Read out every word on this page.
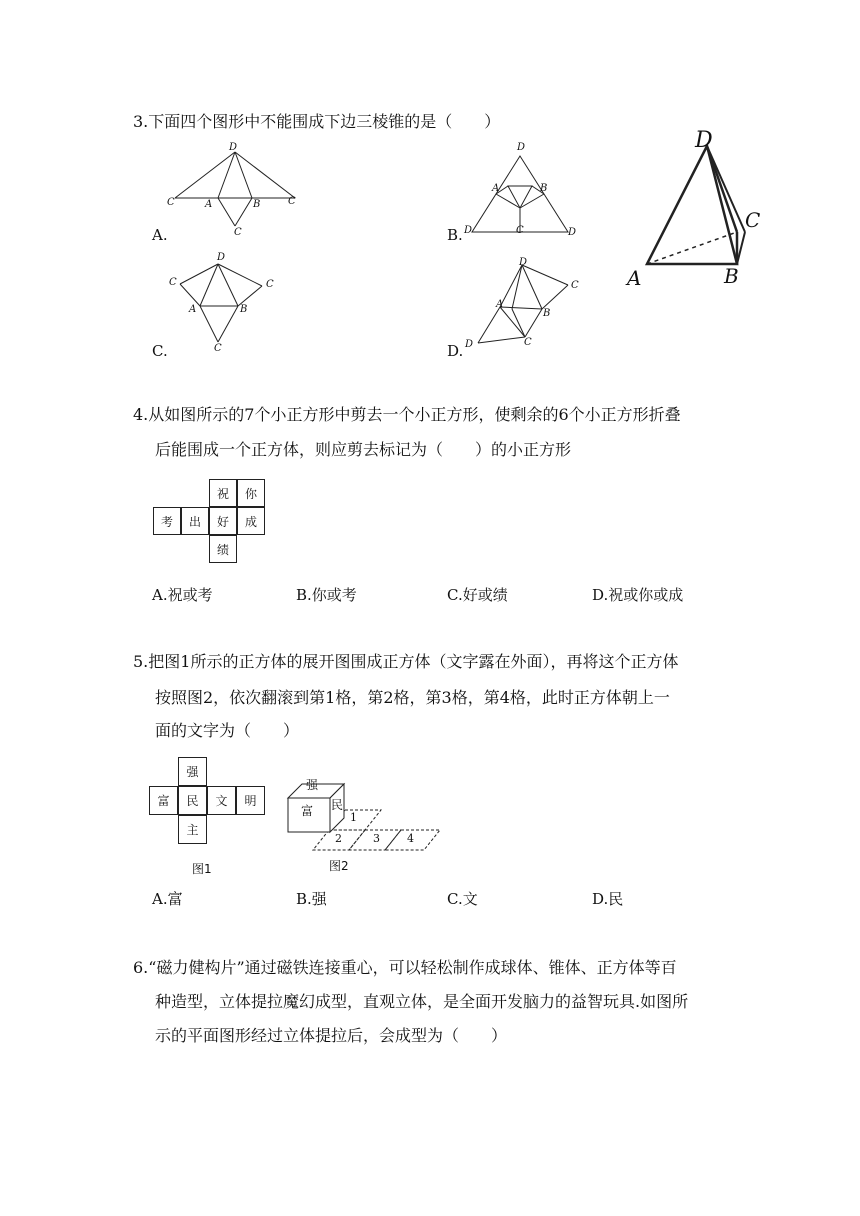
3.下面四个图形中不能围成下边三棱锥的是（　　）
D
C	A	B	C
C
A.
D
A	B
D	C	D
B.
D
C
A	B
D
C	C
A	B
C
C.
D
C
A
B
D	C
D.
4.从如图所示的7个小正方形中剪去一个小正方形，使剩余的6个小正方形折叠
后能围成一个正方体，则应剪去标记为（　　）的小正方形
祝	你
考	出	好	成
绩
A.祝或考	B.你或考	C.好或绩	D.祝或你或成
5.把图1所示的正方体的展开图围成正方体（文字露在外面），再将这个正方体
按照图2，依次翻滚到第1格，第2格，第3格，第4格，此时正方体朝上一
面的文字为（　　）
强
富	民	文	明
主
图1
强
富 民
1
2	3 4
图2
A.富	B.强	C.文	D.民
6.“磁力健构片”通过磁铁连接重心，可以轻松制作成球体、锥体、正方体等百
种造型，立体提拉魔幻成型，直观立体，是全面开发脑力的益智玩具.如图所
示的平面图形经过立体提拉后，会成型为（　　）
